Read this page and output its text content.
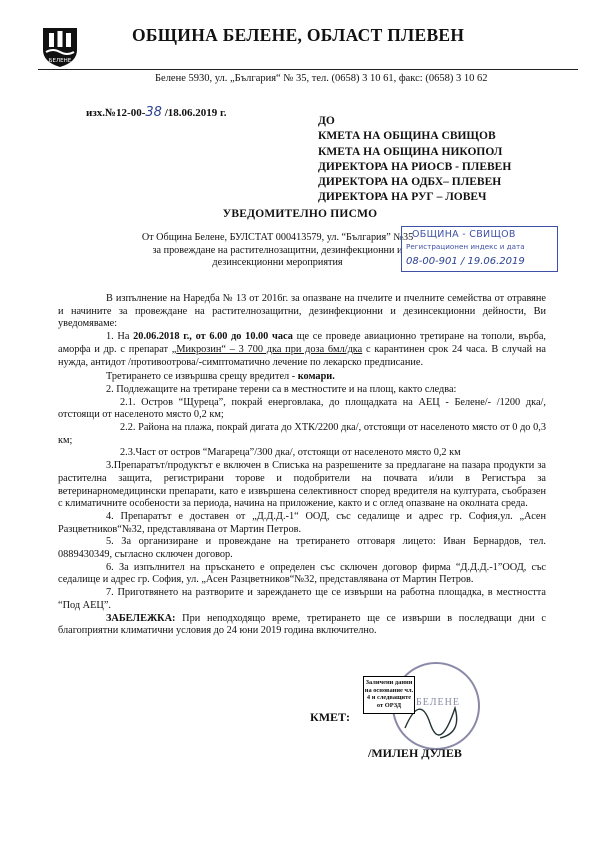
БЕЛЕНЕ
ОБЩИНА БЕЛЕНЕ, ОБЛАСТ ПЛЕВЕН
Белене 5930, ул. „България“ № 35, тел. (0658) 3 10 61, факс: (0658) 3 10 62
изх.№12-00-38 /18.06.2019 г.
ДО
КМЕТА НА ОБЩИНА СВИЩОВ
КМЕТА НА ОБЩИНА НИКОПОЛ
ДИРЕКТОРА НА РИОСВ - ПЛЕВЕН
ДИРЕКТОРА НА ОДБХ– ПЛЕВЕН
ДИРЕКТОРА НА РУГ – ЛОВЕЧ
УВЕДОМИТЕЛНО ПИСМО
От Община Белене, БУЛСТАТ 000413579, ул. “България” №35
за провеждане на растителнозащитни, дезинфекционни и
дезинсекционни мероприятия
ОБЩИНА - СВИЩОВ
Регистрационен индекс и дата
08-00-901 / 19.06.2019

В изпълнение на Наредба № 13 от 2016г. за опазване на пчелите и пчелните семейства от отравяне и начините за провеждане на растителнозащитни, дезинфекционни и дезинсекционни дейности, Ви уведомяваме:

1. На 20.06.2018 г., от 6.00 до 10.00 часа ще се проведе авиационно третиране на тополи, върба, аморфа и др. с препарат „Микрозин“ – 3 700 дка при доза 6мл/дка с карантинен срок 24 часа. В случай на нужда, антидот /противоотрова/-симптоматично лечение по лекарско предписание.

Третирането се извършва срещу вредител - комари.

2. Подлежащите на третиране терени са в местностите и на площ, както следва:

2.1. Остров “Щуреца”, покрай енерговлака, до площадката на АЕЦ - Белене/- /1200 дка/, отстоящи от населеното място 0,2 км;

2.2. Района на плажа, покрай дигата до ХТК/2200 дка/, отстоящи от населеното място от 0 до 0,3 км;

2.3.Част от остров “Магарeца”/300 дка/, отстоящи от населеното място 0,2 км

3.Препаратът/продуктът е включен в Списъка на разрешените за предлагане на пазара продукти за растителна защита, регистрирани торове и подобрители на почвата и/или в Регистъра за ветеринарномедицински препарати, като е извършена селективност според вредителя на културата, съобразен с климатичните особености за периода, начина на приложение, както и с оглед опазване на околната среда.

4. Препаратът е доставен от „Д.Д.Д.-1“ ООД, със седалище и адрес гр. София,ул. „Асен Разцветников“№32, представлявана от Мартин Петров.

5. За организиране и провеждане на третирането отговаря лицето: Иван Бернардов, тел. 0889430349, съгласно сключен договор.

6. За изпълнител на пръскането е определен със сключен договор фирма “Д.Д.Д.-1”ООД, със седалище и адрес гр. София, ул. „Асен Разцветников“№32, представлявана от Мартин Петров.

7. Приготвянето на разтворите и зареждането ще се извърши на работна площадка, в местността “Под АЕЦ”.

ЗАБЕЛЕЖКА: При неподходящо време, третирането ще се извърши в последващи дни с благоприятни климатични условия до 24 юни 2019 година включително.

БЕЛЕНЕ
Заличени данни на основание чл. 4 и следващите от ОРЗД
КМЕТ:
/МИЛЕН ДУЛЕВ
